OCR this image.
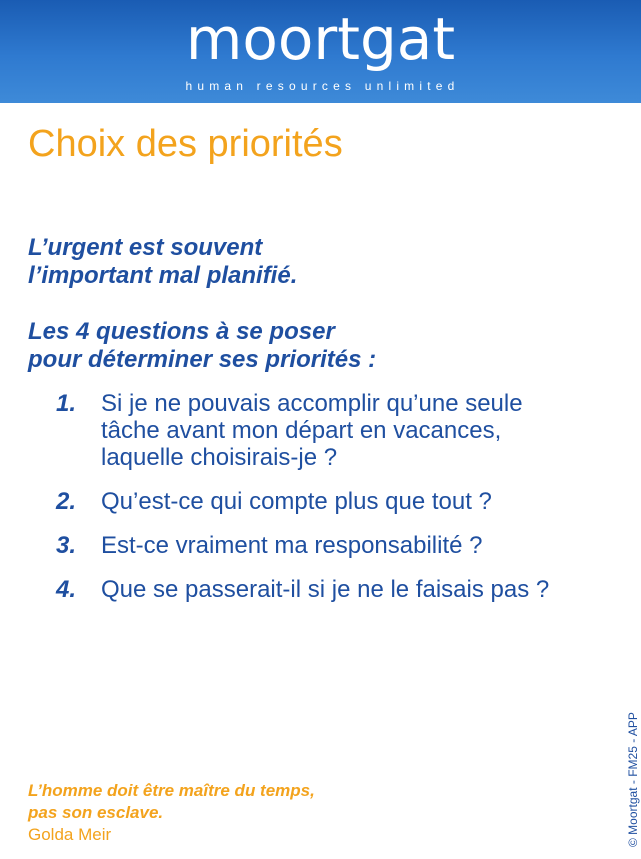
moortgat
human resources unlimited
Choix des priorités

L’urgent est souvent

l’important mal planifié.

Les 4 questions à se poser

pour déterminer ses priorités :

1.	Si je ne pouvais accomplir qu’une seule
tâche avant mon départ en vacances,
laquelle choisirais-je ?
2.	Qu’est-ce qui compte plus que tout ?
3.	Est-ce vraiment ma responsabilité ?
4.	Que se passerait-il si je ne le faisais pas ?
L’homme doit être maître du temps,
pas son esclave.
Golda Meir	© Moortgat - FM25 - APP
